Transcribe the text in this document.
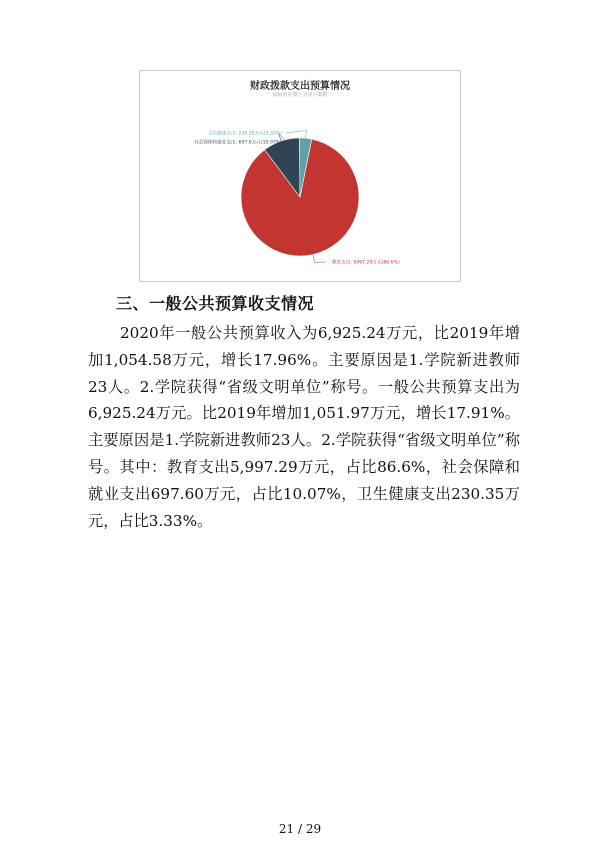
财政拨款支出预算情况
鼠标放在图上会显示数据
教育支出: 5997.29万元(86.6%)
社会保障和就业支出: 697.6万元(10.07%)
卫生健康支出: 230.35万元(3.33%)
三、一般公共预算收支情况
2020年一般公共预算收入为6,925.24万元，比2019年增加1,054.58万元，增长17.96%。主要原因是1.学院新进教师23人。2.学院获得“省级文明单位”称号。一般公共预算支出为6,925.24万元。比2019年增加1,051.97万元，增长17.91%。主要原因是1.学院新进教师23人。2.学院获得“省级文明单位”称号。其中：教育支出5,997.29万元，占比86.6%，社会保障和就业支出697.60万元，占比10.07%，卫生健康支出230.35万元，占比3.33%。
21 / 29
